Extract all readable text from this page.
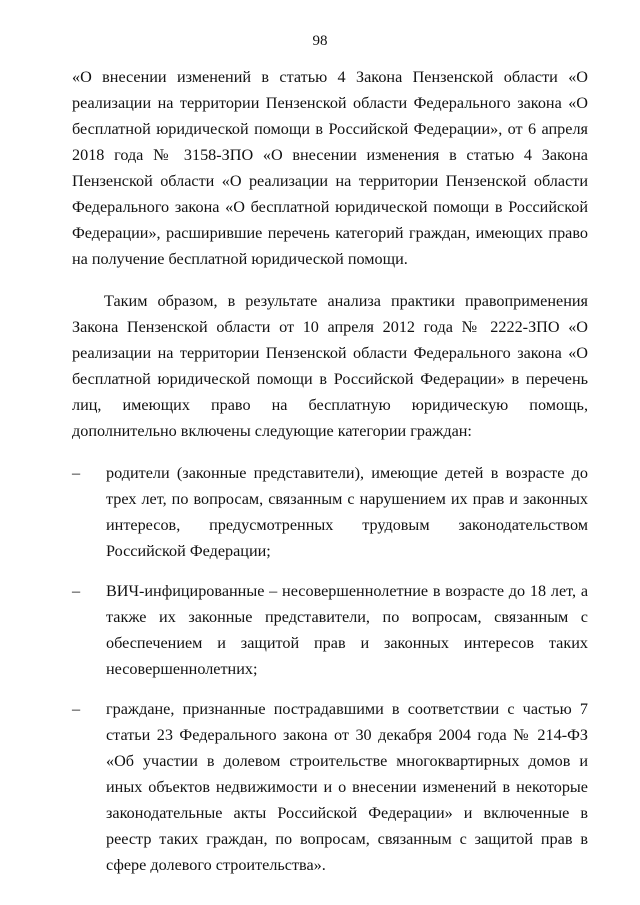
98

«О внесении изменений в статью 4 Закона Пензенской области «О реализации на территории Пензенской области Федерального закона «О бесплатной юридической помощи в Российской Федерации», от 6 апреля 2018 года № 3158-ЗПО «О внесении изменения в статью 4 Закона Пензенской области «О реализации на территории Пензенской области Федерального закона «О бесплатной юридической помощи в Российской Федерации», расширившие перечень категорий граждан, имеющих право на получение бесплатной юридической помощи.

Таким образом, в результате анализа практики правоприменения Закона Пензенской области от 10 апреля 2012 года № 2222-ЗПО «О реализации на территории Пензенской области Федерального закона «О бесплатной юридической помощи в Российской Федерации» в перечень лиц, имеющих право на бесплатную юридическую помощь, дополнительно включены следующие категории граждан:

– родители (законные представители), имеющие детей в возрасте до трех лет, по вопросам, связанным с нарушением их прав и законных интересов, предусмотренных трудовым законодательством Российской Федерации;
– ВИЧ-инфицированные – несовершеннолетние в возрасте до 18 лет, а также их законные представители, по вопросам, связанным с обеспечением и защитой прав и законных интересов таких несовершеннолетних;
– граждане, признанные пострадавшими в соответствии с частью 7 статьи 23 Федерального закона от 30 декабря 2004 года № 214-ФЗ «Об участии в долевом строительстве многоквартирных домов и иных объектов недвижимости и о внесении изменений в некоторые законодательные акты Российской Федерации» и включенные в реестр таких граждан, по вопросам, связанным с защитой прав в сфере долевого строительства».
